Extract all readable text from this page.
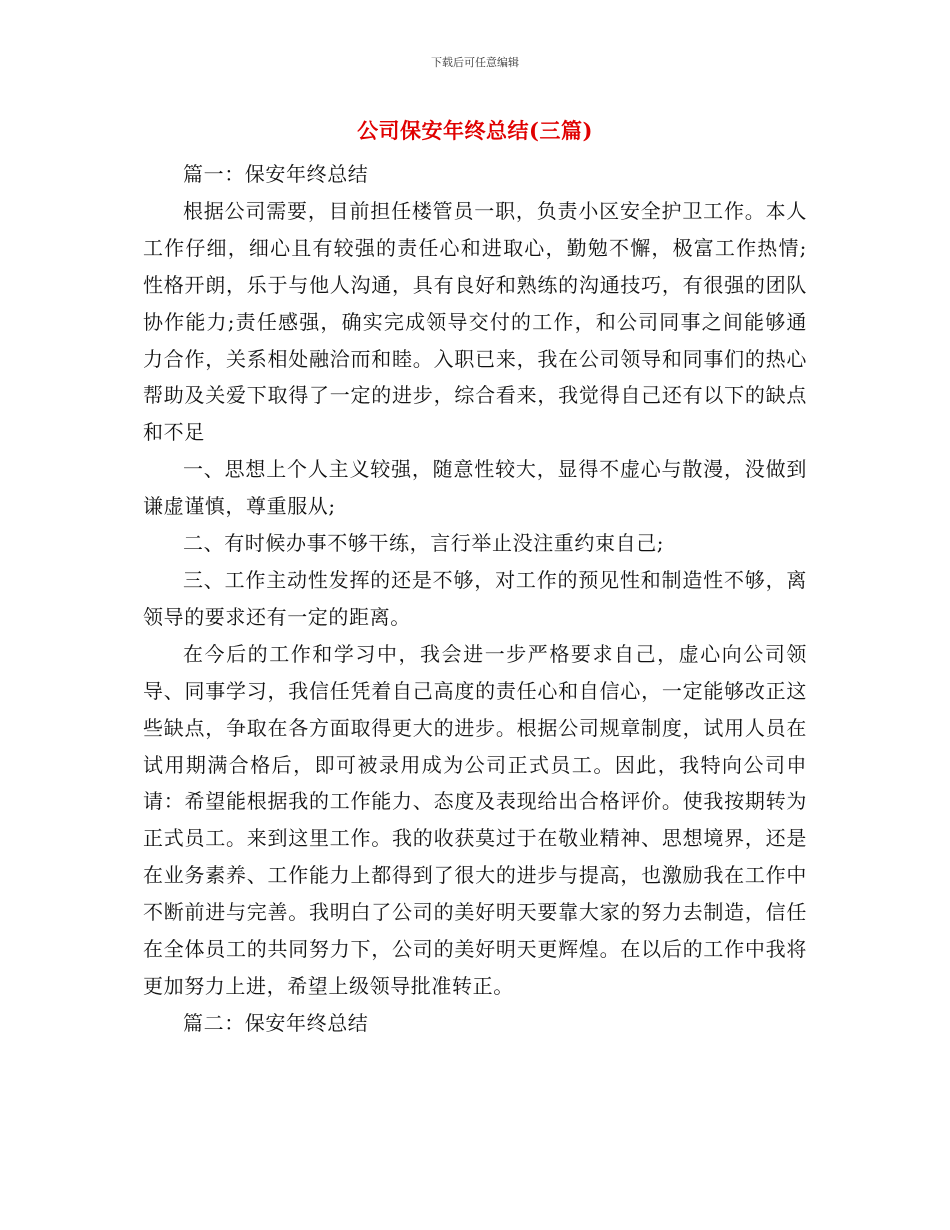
下载后可任意编辑
公司保安年终总结(三篇)

篇一：保安年终总结

根据公司需要，目前担任楼管员一职，负责小区安全护卫工作。本人工作仔细，细心且有较强的责任心和进取心，勤勉不懈，极富工作热情;性格开朗，乐于与他人沟通，具有良好和熟练的沟通技巧，有很强的团队协作能力;责任感强，确实完成领导交付的工作，和公司同事之间能够通力合作，关系相处融洽而和睦。入职已来，我在公司领导和同事们的热心帮助及关爱下取得了一定的进步，综合看来，我觉得自己还有以下的缺点和不足

一、思想上个人主义较强，随意性较大，显得不虚心与散漫，没做到谦虚谨慎，尊重服从;

二、有时候办事不够干练，言行举止没注重约束自己;

三、工作主动性发挥的还是不够，对工作的预见性和制造性不够，离领导的要求还有一定的距离。

在今后的工作和学习中，我会进一步严格要求自己，虚心向公司领导、同事学习，我信任凭着自己高度的责任心和自信心，一定能够改正这些缺点，争取在各方面取得更大的进步。根据公司规章制度，试用人员在试用期满合格后，即可被录用成为公司正式员工。因此，我特向公司申请：希望能根据我的工作能力、态度及表现给出合格评价。使我按期转为正式员工。来到这里工作。我的收获莫过于在敬业精神、思想境界，还是在业务素养、工作能力上都得到了很大的进步与提高，也激励我在工作中不断前进与完善。我明白了公司的美好明天要靠大家的努力去制造，信任在全体员工的共同努力下，公司的美好明天更辉煌。在以后的工作中我将更加努力上进，希望上级领导批准转正。

篇二：保安年终总结
